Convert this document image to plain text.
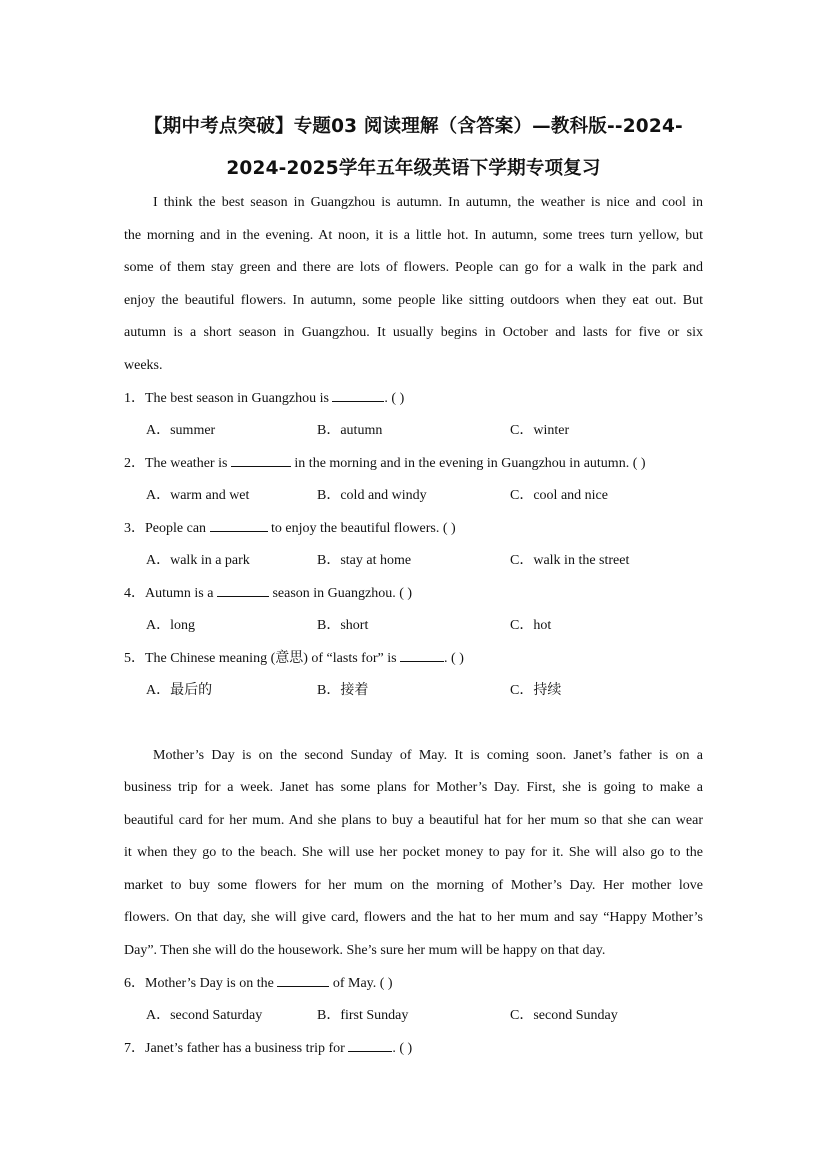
【期中考点突破】专题03 阅读理解（含答案）—教科版--2024-
2024-2025学年五年级英语下学期专项复习
I think the best season in Guangzhou is autumn. In autumn, the weather is nice and cool in
the morning and in the evening. At noon, it is a little hot. In autumn, some trees turn yellow, but
some of them stay green and there are lots of flowers. People can go for a walk in the park and
enjoy the beautiful flowers. In autumn, some people like sitting outdoors when they eat out. But
autumn is a short season in Guangzhou. It usually begins in October and lasts for five or six
weeks.
1．The best season in Guangzhou is	. ( )
A．summer	B．autumn	C．winter
2．The weather is	in the morning and in the evening in Guangzhou in autumn. ( )
A．warm and wet	B．cold and windy	C．cool and nice
3．People can	to enjoy the beautiful flowers. ( )
A．walk in a park	B．stay at home	C．walk in the street
4．Autumn is a	season in Guangzhou. ( )
A．long	B．short	C．hot
5．The Chinese meaning (意思) of “lasts for” is	. ( )
A．最后的	B．接着	C．持续
Mother’s Day is on the second Sunday of May. It is coming soon. Janet’s father is on a
business trip for a week. Janet has some plans for Mother’s Day. First, she is going to make a
beautiful card for her mum. And she plans to buy a beautiful hat for her mum so that she can wear
it when they go to the beach. She will use her pocket money to pay for it. She will also go to the
market to buy some flowers for her mum on the morning of Mother’s Day. Her mother love
flowers. On that day, she will give card, flowers and the hat to her mum and say “Happy Mother’s
Day”. Then she will do the housework. She’s sure her mum will be happy on that day.
6．Mother’s Day is on the	of May. ( )
A．second Saturday	B．first Sunday	C．second Sunday
7．Janet’s father has a business trip for	. ( )
